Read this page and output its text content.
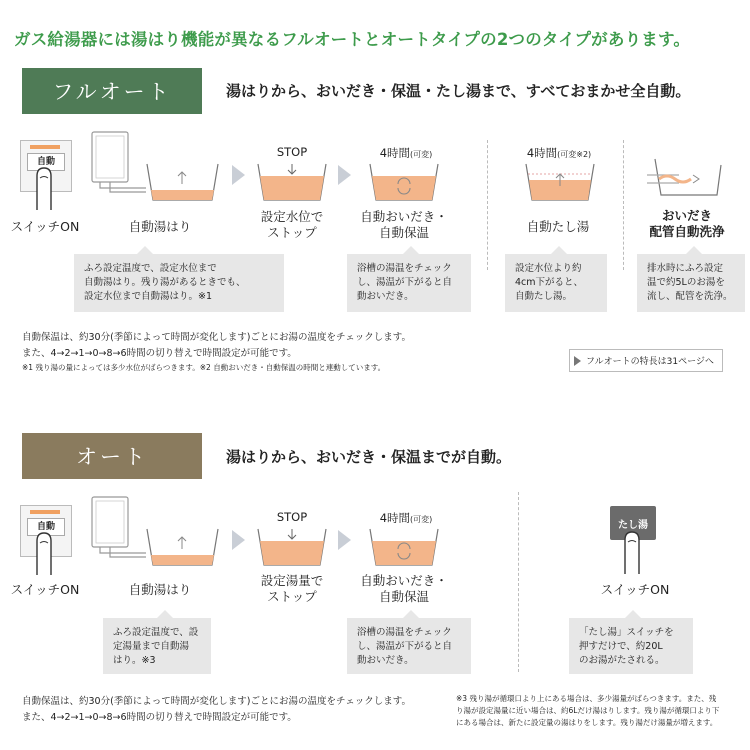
ガス給湯器には湯はり機能が異なるフルオートとオートタイプの2つのタイプがあります。
フルオート	湯はりから、おいだき・保温・たし湯まで、すべておまかせ全自動。
自動
スイッチON	自動湯はり
STOP
設定水位で
ストップ
4時間(可変)
自動おいだき・
自動保温
4時間(可変※2)
自動たし湯
おいだき
配管自動洗浄
ふろ設定温度で、設定水位まで
自動湯はり。残り湯があるときでも、
設定水位まで自動湯はり。※1
浴槽の湯温をチェック
し、湯温が下がると自
動おいだき。
設定水位より約
4cm下がると、
自動たし湯。
排水時にふろ設定
温で約5Lのお湯を
流し、配管を洗浄。
自動保温は、約30分(季節によって時間が変化します)ごとにお湯の温度をチェックします。
また、4→2→1→0→8→6時間の切り替えで時間設定が可能です。
※1 残り湯の量によっては多少水位がばらつきます。※2 自動おいだき・自動保温の時間と連動しています。
フルオートの特長は31ページへ
オート	湯はりから、おいだき・保温までが自動。
自動
スイッチON	自動湯はり
STOP
設定湯量で
ストップ
4時間(可変)
自動おいだき・
自動保温
たし湯
スイッチON
ふろ設定温度で、設
定湯量まで自動湯
はり。※3
浴槽の湯温をチェック
し、湯温が下がると自
動おいだき。
「たし湯」スイッチを
押すだけで、約20L
のお湯がたされる。
自動保温は、約30分(季節によって時間が変化します)ごとにお湯の温度をチェックします。
また、4→2→1→0→8→6時間の切り替えで時間設定が可能です。
※3 残り湯が循環口より上にある場合は、多少湯量がばらつきます。また、残
り湯が設定湯量に近い場合は、約6Lだけ湯はりします。残り湯が循環口より下
にある場合は、新たに設定量の湯はりをします。残り湯だけ湯量が増えます。
